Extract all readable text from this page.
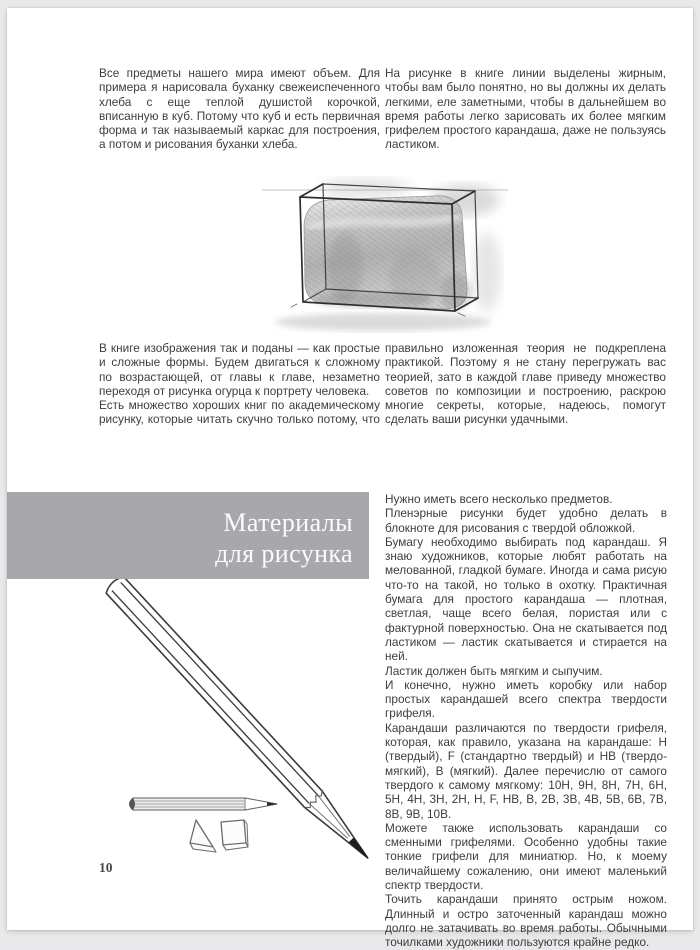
Все предметы нашего мира имеют объем. Для примера я нарисовала буханку свежеиспеченного хлеба с еще теплой душистой корочкой, вписанную в куб. Потому что куб и есть первичная форма и так называемый каркас для построения, а потом и рисования буханки хлеба.

На рисунке в книге линии выделены жирным, чтобы вам было понятно, но вы должны их делать легкими, еле заметными, чтобы в дальнейшем во время работы легко зарисовать их более мягким грифелем простого карандаша, даже не пользуясь ластиком.

В книге изображения так и поданы — как простые и сложные формы. Будем двигаться к сложному по возрастающей, от главы к главе, незаметно переходя от рисунка огурца к портрету человека.

Есть множество хороших книг по академическому рисунку, которые читать скучно только потому, что

правильно изложенная теория не подкреплена практикой. Поэтому я не стану перегружать вас теорией, зато в каждой главе приведу множество советов по композиции и построению, раскрою многие секреты, которые, надеюсь, помогут сделать ваши рисунки удачными.

Материалы
для рисунка

Нужно иметь всего несколько предметов.

Пленэрные рисунки будет удобно делать в блокноте для рисования с твердой обложкой.

Бумагу необходимо выбирать под карандаш. Я знаю художников, которые любят работать на мелованной, гладкой бумаге. Иногда и сама рисую что-то на такой, но только в охотку. Практичная бумага для простого карандаша — плотная, светлая, чаще всего белая, пористая или с фактурной поверхностью. Она не скатывается под ластиком — ластик скатывается и стирается на ней.

Ластик должен быть мягким и сыпучим.

И конечно, нужно иметь коробку или набор простых карандашей всего спектра твердости грифеля.

Карандаши различаются по твердости грифеля, которая, как правило, указана на карандаше: Н (твердый), F (стандартно твердый) и НВ (твердо-мягкий), В (мягкий). Далее перечислю от самого твердого к самому мягкому: 10H, 9H, 8H, 7H, 6H, 5H, 4H, 3H, 2H, H, F, HB, B, 2B, 3B, 4B, 5B, 6B, 7B, 8B, 9B, 10B.

Можете также использовать карандаши со сменными грифелями. Особенно удобны такие тонкие грифели для миниатюр. Но, к моему величайшему сожалению, они имеют маленький спектр твердости.

Точить карандаши принято острым ножом. Длинный и остро заточенный карандаш можно долго не затачивать во время работы. Обычными точилками художники пользуются крайне редко.

10
